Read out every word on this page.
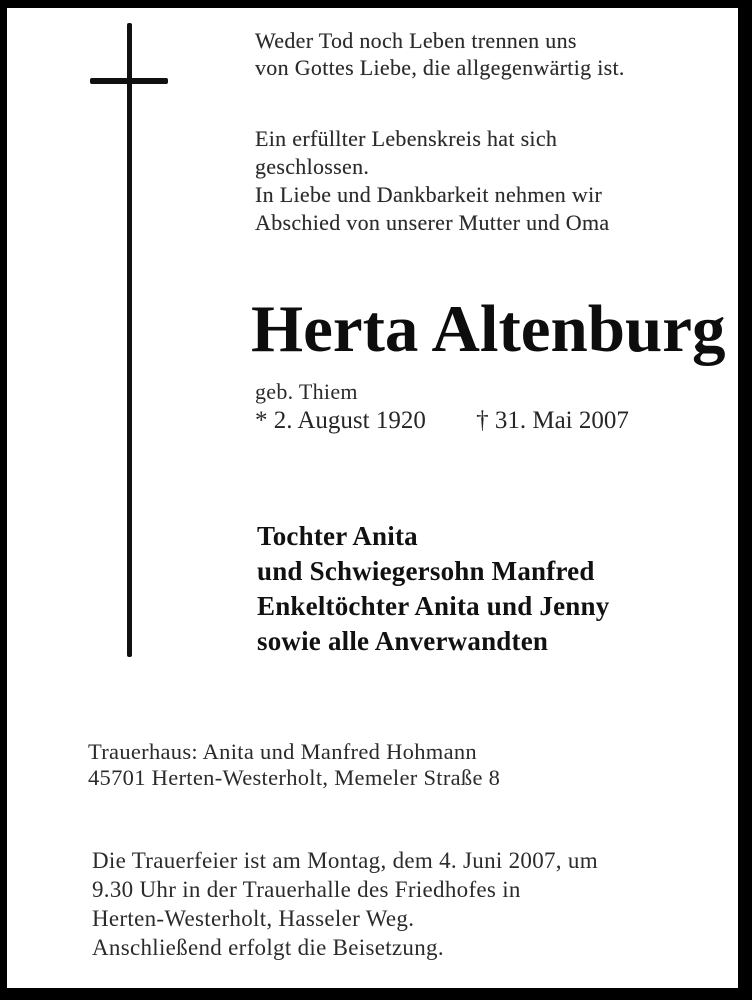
Weder Tod noch Leben trennen uns
von Gottes Liebe, die allgegenwärtig ist.
Ein erfüllter Lebenskreis hat sich
geschlossen.
In Liebe und Dankbarkeit nehmen wir
Abschied von unserer Mutter und Oma
Herta Altenburg
geb. Thiem
* 2. August 1920 † 31. Mai 2007
Tochter Anita
und Schwiegersohn Manfred
Enkeltöchter Anita und Jenny
sowie alle Anverwandten
Trauerhaus: Anita und Manfred Hohmann
45701 Herten-Westerholt, Memeler Straße 8
Die Trauerfeier ist am Montag, dem 4. Juni 2007, um
9.30 Uhr in der Trauerhalle des Friedhofes in
Herten-Westerholt, Hasseler Weg.
Anschließend erfolgt die Beisetzung.
